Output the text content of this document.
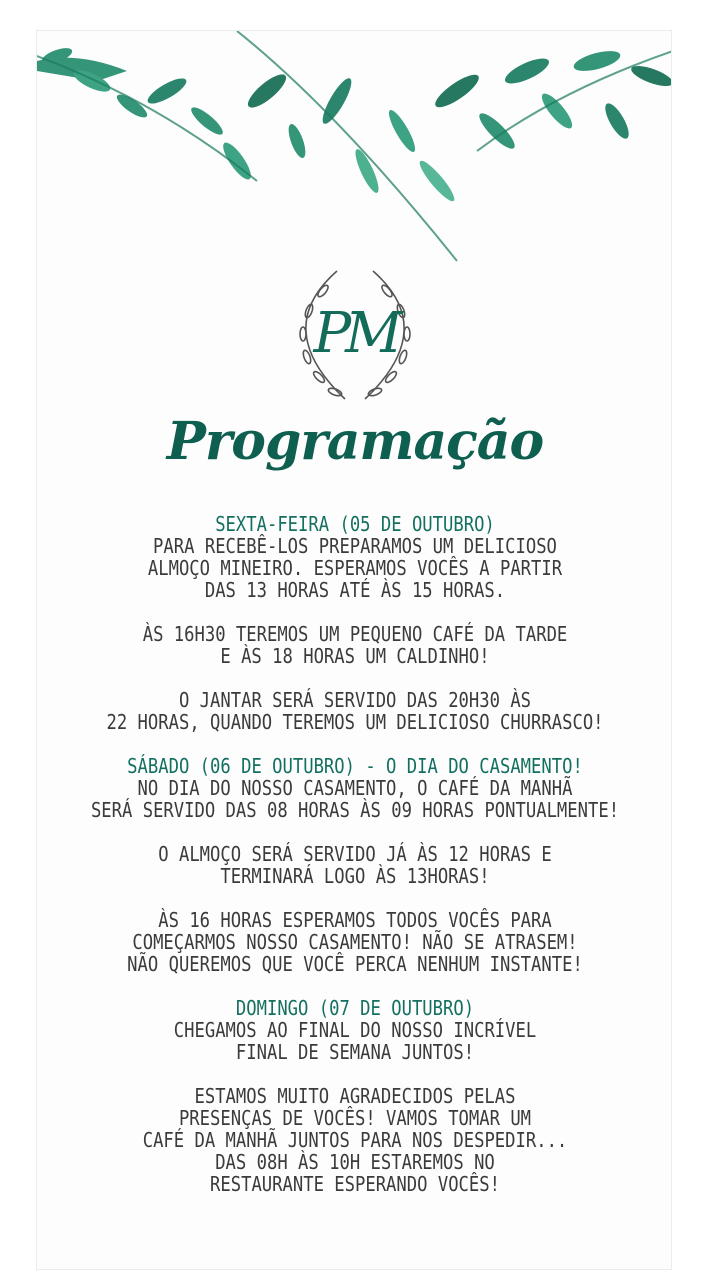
PM
Programação

SEXTA-FEIRA (05 DE OUTUBRO)

PARA RECEBÊ-LOS PREPARAMOS UM DELICIOSO

ALMOÇO MINEIRO. ESPERAMOS VOCÊS A PARTIR

DAS 13 HORAS ATÉ ÀS 15 HORAS.

ÀS 16H30 TEREMOS UM PEQUENO CAFÉ DA TARDE

E ÀS 18 HORAS UM CALDINHO!

O JANTAR SERÁ SERVIDO DAS 20H30 ÀS

22 HORAS, QUANDO TEREMOS UM DELICIOSO CHURRASCO!

SÁBADO (06 DE OUTUBRO) - O DIA DO CASAMENTO!

NO DIA DO NOSSO CASAMENTO, O CAFÉ DA MANHÃ

SERÁ SERVIDO DAS 08 HORAS ÀS 09 HORAS PONTUALMENTE!

O ALMOÇO SERÁ SERVIDO JÁ ÀS 12 HORAS E

TERMINARÁ LOGO ÀS 13HORAS!

ÀS 16 HORAS ESPERAMOS TODOS VOCÊS PARA

COMEÇARMOS NOSSO CASAMENTO! NÃO SE ATRASEM!

NÃO QUEREMOS QUE VOCÊ PERCA NENHUM INSTANTE!

DOMINGO (07 DE OUTUBRO)

CHEGAMOS AO FINAL DO NOSSO INCRÍVEL

FINAL DE SEMANA JUNTOS!

ESTAMOS MUITO AGRADECIDOS PELAS

PRESENÇAS DE VOCÊS! VAMOS TOMAR UM

CAFÉ DA MANHÃ JUNTOS PARA NOS DESPEDIR...

DAS 08H ÀS 10H ESTAREMOS NO

RESTAURANTE ESPERANDO VOCÊS!
